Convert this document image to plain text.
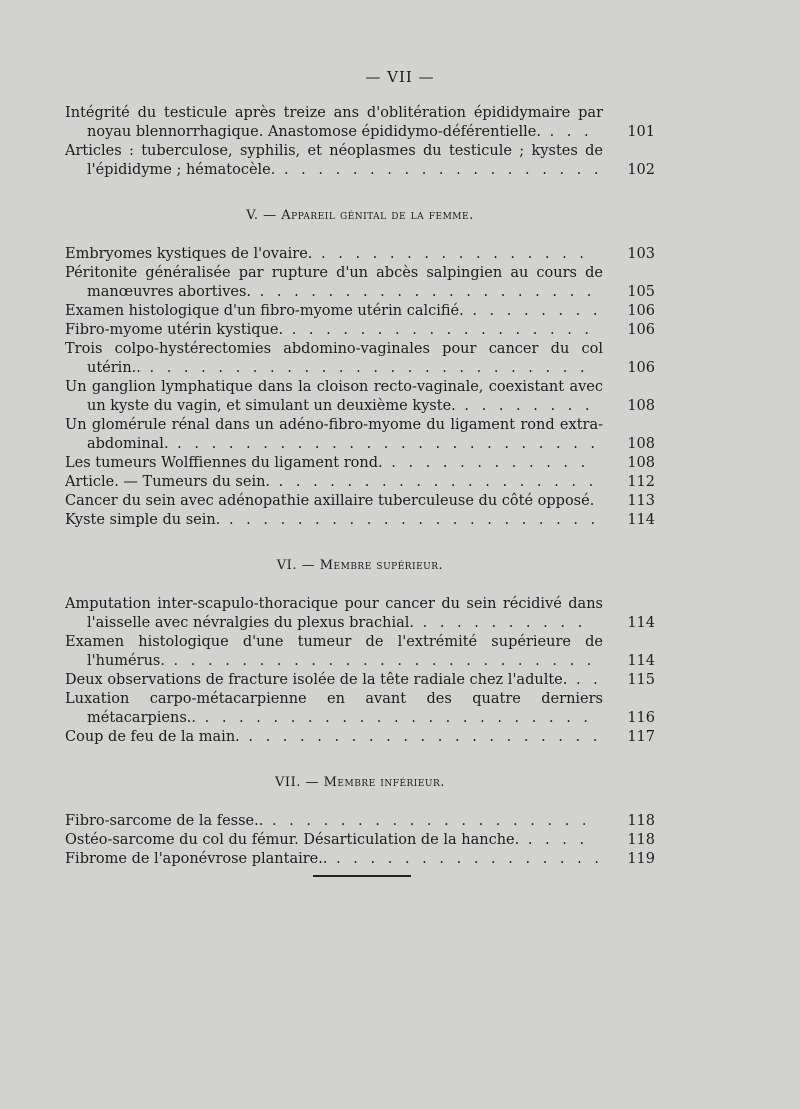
— VII —
Intégrité du testicule après treize ans d'oblitération épididymaire par noyau blennorrhagique. Anastomose épididymo-déférentielle. . . .	101
Articles : tuberculose, syphilis, et néoplasmes du testicule ; kystes de l'épididyme ; hématocèle. . . . . . . . . . . . . . . . . . . .	102
V. — Appareil génital de la femme.
Embryomes kystiques de l'ovaire. . . . . . . . . . . . . . . . .	103
Péritonite généralisée par rupture d'un abcès salpingien au cours de manœuvres abortives. . . . . . . . . . . . . . . . . . . . .	105
Examen histologique d'un fibro-myome utérin calcifié. . . . . . . . .	106
Fibro-myome utérin kystique. . . . . . . . . . . . . . . . . . .	106
Trois colpo-hystérectomies abdomino-vaginales pour cancer du col utérin.. . . . . . . . . . . . . . . . . . . . . . . . . . .	106
Un ganglion lymphatique dans la cloison recto-vaginale, coexistant avec un kyste du vagin, et simulant un deuxième kyste. . . . . . . . .	108
Un glomérule rénal dans un adéno-fibro-myome du ligament rond extra-abdominal. . . . . . . . . . . . . . . . . . . . . . . . . .	108
Les tumeurs Wolffiennes du ligament rond. . . . . . . . . . . . .	108
Article. — Tumeurs du sein. . . . . . . . . . . . . . . . . . . .	112
Cancer du sein avec adénopathie axillaire tuberculeuse du côté opposé.	113
Kyste simple du sein. . . . . . . . . . . . . . . . . . . . . . .	114
VI. — Membre supérieur.
Amputation inter-scapulo-thoracique pour cancer du sein récidivé dans l'aisselle avec névralgies du plexus brachial. . . . . . . . . . .	114
Examen histologique d'une tumeur de l'extrémité supérieure de l'humérus. . . . . . . . . . . . . . . . . . . . . . . . . .	114
Deux observations de fracture isolée de la tête radiale chez l'adulte. . .	115
Luxation carpo-métacarpienne en avant des quatre derniers métacarpiens.. . . . . . . . . . . . . . . . . . . . . . . .	116
Coup de feu de la main. . . . . . . . . . . . . . . . . . . . . .	117
VII. — Membre inférieur.
Fibro-sarcome de la fesse.. . . . . . . . . . . . . . . . . . . .	118
Ostéo-sarcome du col du fémur. Désarticulation de la hanche. . . . .	118
Fibrome de l'aponévrose plantaire.. . . . . . . . . . . . . . . . .	119
